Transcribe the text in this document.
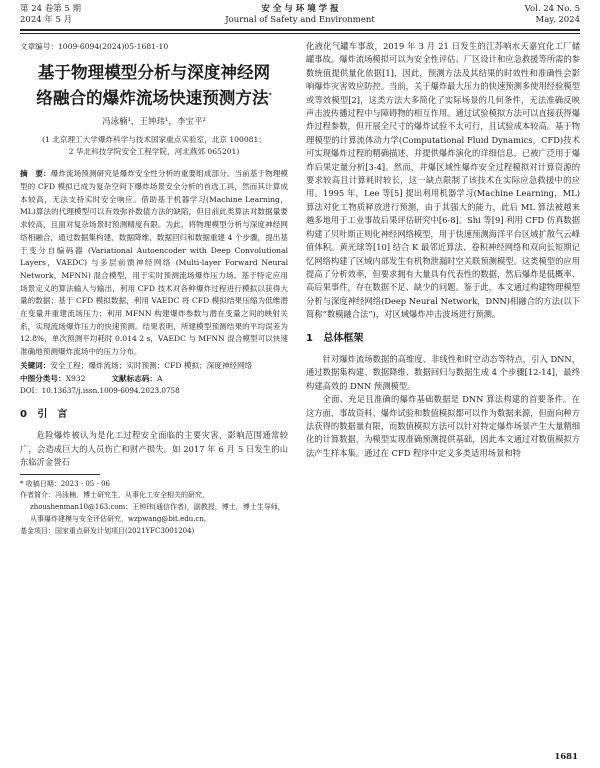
第 24 卷第 5 期
2024 年 5 月
安 全 与 环 境 学 报
Journal of Safety and Environment
Vol. 24 No. 5
May, 2024
文章编号：1009-6094(2024)05-1681-10
基于物理模型分析与深度神经网
络融合的爆炸流场快速预测方法*
冯泳楠¹，王钟玮¹，李宝平²
(1 北京理工大学爆炸科学与技术国家重点实验室，北京 100081；
2 华北科技学院安全工程学院，河北燕郊 065201)

摘　要：爆炸流场预测研究是爆炸安全性分析的重要组成部分。当前基于物理模型的 CFD 模拟已成为复杂空间下爆炸场景安全分析的首选工具，然而其计算成本较高，无法支持实时安全响应。借助基于机器学习(Machine Learning，ML)算法的代理模型可以有效弥补数值方法的缺陷，但目前此类算法对数据量要求较高，且面对复杂场景时预测精度有限。为此，将物理模型分析与深度神经网络相融合，通过数据集构建、数据降维、数据回归和数据重建 4 个步骤，提出基于变分自编码器 (Variational Autoencoder with Deep Convolutional Layers，VAEDC) 与多层前馈神经网络 (Multi-layer Forward Neural Network，MFNN) 混合模型，用于实时预测流场爆炸压力场。基于特定应用场景定义的算法输入与输出，利用 CFD 技术对各种爆炸过程进行模拟以获得大量的数据；基于 CFD 模拟数据，利用 VAEDC 将 CFD 模拟结果压缩为低维潜在变量并重建流场压力；利用 MFNN 构建爆炸参数与潜在变量之间的映射关系，实现流场爆炸压力的快速预测。结果表明，所建模型预测结果的平均误差为 12.8%，单次预测平均耗时 0.014 2 s，VAEDC 与 MFNN 混合模型可以快速准确地预测爆炸流场中的压力分布。

关键词：安全工程；爆炸流场；实时预测；CFD 模拟；深度神经网络
中图分类号：X932	文献标志码：A
DOI：10.13637/j.issn.1009-6094.2023.0758
0 引　言

危险爆炸被认为是化工过程安全面临的主要灾害，影响范围通常较广，会造成巨大的人员伤亡和财产损失。如 2017 年 6 月 5 日发生的山东临沂金誉石

* 收稿日期：2023 - 05 - 06

作者简介：冯泳楠，博士研究生，从事化工安全相关的研究，zhoushenman10@163.com；王钟玮(通信作者)，副教授，博士，博士生导师，从事爆炸建模与安全评估研究，wzpwang@bit.edu.cn。

基金项目：国家重点研发计划项目(2021YFC3001204)

化液化气罐车事故，2019 年 3 月 21 日发生的江苏响水天嘉宜化工厂储罐事故。爆炸流场模拟可以为安全性评估、厂区设计和应急救援等所需的参数统值提供量化依据[1]，因此，预测方法及其结果的时效性和准确性会影响爆炸灾害效应防控。当前，关于爆炸最大压力的快速预测多使用经验模型或等效模型[2]，这类方法大多简化了实际场景的几何条件，无法准确反映声击波传播过程中与障碍物的相互作用。通过试验模拟方法可以直接获得爆炸过程参数，但开展全尺寸的爆炸试验不太可行，且试验成本较高。基于物理模型的计算流体动力学(Computational Fluid Dynamics，CFD)技术可实现爆炸过程的精确描述，并提供爆炸演化的详细信息，已被广泛用于爆炸后果定量分析[3-4]。然而，并爆区域性爆炸安全过程模拟对计算资源的要求较高且计算耗时较长，这一缺点限制了该技术在实际应急救援中的应用。1995 年，Lee 等[5] 提出利用机器学习(Machine Learning，ML)算法对化工物质释放进行预测，由于其强大的能力，此后 ML 算法被越来越多地用于工业事故后果评估研究中[6-8]。Shi 等[9] 利用 CFD 仿真数据构建了贝叶斯正则化神经网络模型，用于快速预测海洋平台区域扩散气云峰值体积。黄光球等[10] 结合 K 最邻近算法、卷积神经网络和双向长短期记忆网络构建了区域内部发生有机物泄漏时空关联预测模型。这类模型的应用提高了分析效率，但要求拥有大量具有代表性的数据，然后爆炸是低概率、高后果事件，存在数据不足、缺少的问题。鉴于此，本文通过构建物理模型分析与深度神经网络(Deep Neural Network，DNN)相融合的方法(以下简称“数模融合法”)，对区域爆炸冲击波场进行预测。

1 总体框架

针对爆炸流场数据的高维度、非线性和时空动态等特点，引入 DNN，通过数据集构建、数据降维、数据回归与数据生成 4 个步骤[12-14]，最终构建高效的 DNN 预测模型。

全面、充足且准确的爆炸基础数据是 DNN 算法构建的首要条件。在这方面，事故资料、爆炸试验和数值模拟都可以作为数据来源，但面向种方法获得的数据量有限，而数值模拟方法可以针对特定爆炸场景产生大量精细化的计算数据，为模型实现准确预测提供基础，因此本文通过对数值模拟方法产生样本集。通过在 CFD 程序中定义多类适用场景和特

1681
